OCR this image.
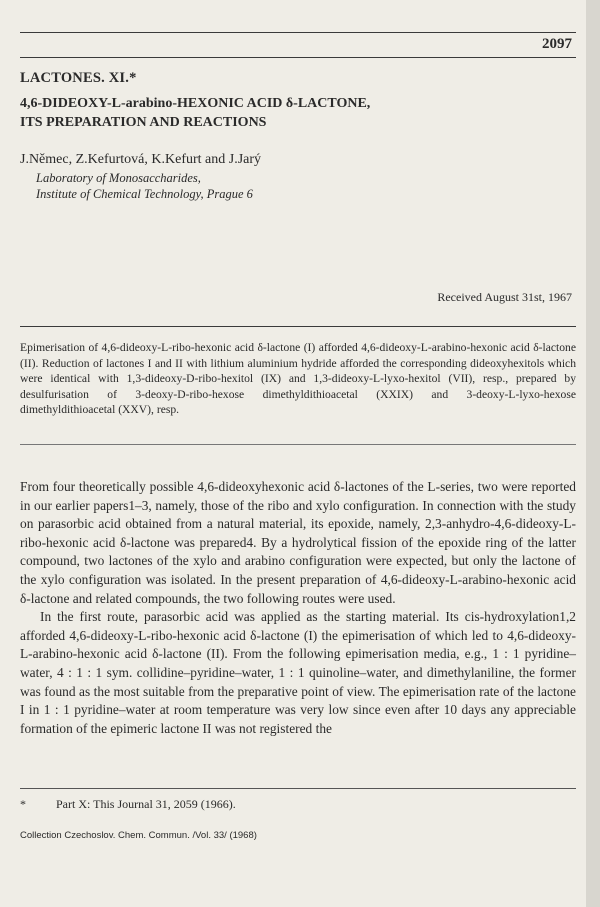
2097
LACTONES. XI.*
4,6-DIDEOXY-L-arabino-HEXONIC ACID δ-LACTONE,
ITS PREPARATION AND REACTIONS
J.Němec, Z.Kefurtová, K.Kefurt and J.Jarý
Laboratory of Monosaccharides,
Institute of Chemical Technology, Prague 6
Received August 31st, 1967
Epimerisation of 4,6-dideoxy-L-ribo-hexonic acid δ-lactone (I) afforded 4,6-dideoxy-L-arabino-hexonic acid δ-lactone (II). Reduction of lactones I and II with lithium aluminium hydride afforded the corresponding dideoxyhexitols which were identical with 1,3-dideoxy-D-ribo-hexitol (IX) and 1,3-dideoxy-L-lyxo-hexitol (VII), resp., prepared by desulfurisation of 3-deoxy-D-ribo-hexose dimethyldithioacetal (XXIX) and 3-deoxy-L-lyxo-hexose dimethyldithioacetal (XXV), resp.

From four theoretically possible 4,6-dideoxyhexonic acid δ-lactones of the L-series, two were reported in our earlier papers1–3, namely, those of the ribo and xylo configuration. In connection with the study on parasorbic acid obtained from a natural material, its epoxide, namely, 2,3-anhydro-4,6-dideoxy-L-ribo-hexonic acid δ-lactone was prepared4. By a hydrolytical fission of the epoxide ring of the latter compound, two lactones of the xylo and arabino configuration were expected, but only the lactone of the xylo configuration was isolated. In the present preparation of 4,6-dideoxy-L-arabino-hexonic acid δ-lactone and related compounds, the two following routes were used.

In the first route, parasorbic acid was applied as the starting material. Its cis-hydroxylation1,2 afforded 4,6-dideoxy-L-ribo-hexonic acid δ-lactone (I) the epimerisation of which led to 4,6-dideoxy-L-arabino-hexonic acid δ-lactone (II). From the following epimerisation media, e.g., 1 : 1 pyridine–water, 4 : 1 : 1 sym. collidine–pyridine–water, 1 : 1 quinoline–water, and dimethylaniline, the former was found as the most suitable from the preparative point of view. The epimerisation rate of the lactone I in 1 : 1 pyridine–water at room temperature was very low since even after 10 days any appreciable formation of the epimeric lactone II was not registered the

*	Part X: This Journal 31, 2059 (1966).
Collection Czechoslov. Chem. Commun. /Vol. 33/ (1968)
